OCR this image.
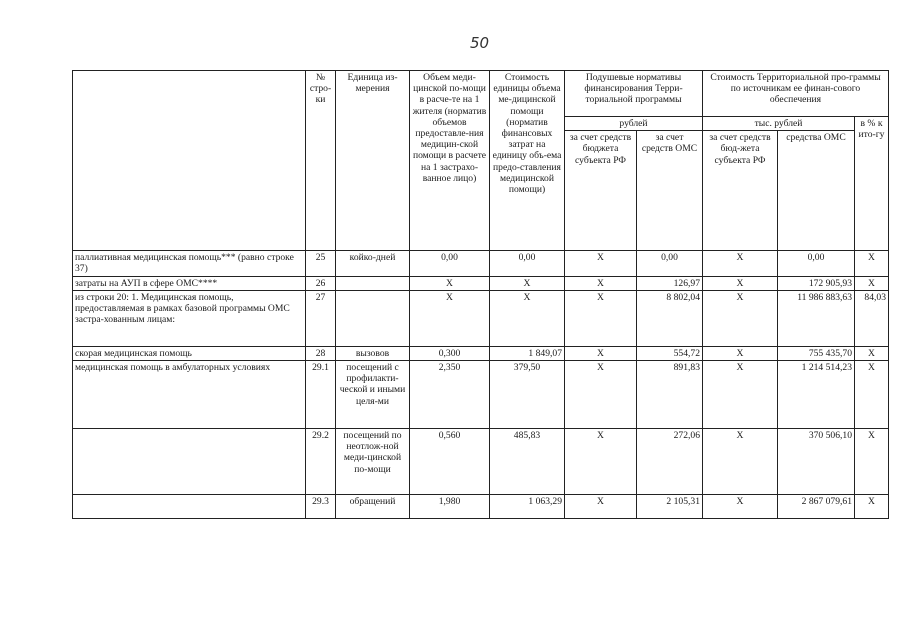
50
	№ стро-ки	Единица из-мерения	Объем меди-цинской по-мощи в расче-те на 1 жителя (норматив объемов предоставле-ния медицин-ской помощи в расчете на 1 застрахо-ванное лицо)	Стоимость единицы объема ме-дицинской помощи (норматив финансовых затрат на единицу объ-ема предо-ставления медицинской помощи)	Подушевые нормативы финансирования Терри-ториальной программы		Стоимость Территориальной про-граммы по источникам ее финан-сового обеспечения		
					рублей		тыс. рублей		в % к ито-гу
					за счет средств бюджета субъекта РФ	за счет средств ОМС	за счет средств бюд-жета субъекта РФ	средства ОМС	
паллиативная медицинская помощь*** (равно строке 37)	25	койко-дней	0,00	0,00	Х	0,00	Х	0,00	Х
затраты на АУП в сфере ОМС****	26		Х	Х	Х	126,97	Х	172 905,93	Х
из строки 20: 1. Медицинская помощь, предоставляемая в рамках базовой программы ОМС застра-хованным лицам:	27		Х	Х	Х	8 802,04	Х	11 986 883,63	84,03
скорая медицинская помощь	28	вызовов	0,300	1 849,07	Х	554,72	Х	755 435,70	Х
медицинская помощь в амбулаторных условиях	29.1	посещений с профилакти-ческой и иными целя-ми	2,350	379,50	Х	891,83	Х	1 214 514,23	Х
	29.2	посещений по неотлож-ной меди-цинской по-мощи	0,560	485,83	Х	272,06	Х	370 506,10	Х
	29.3	обращений	1,980	1 063,29	Х	2 105,31	Х	2 867 079,61	Х
